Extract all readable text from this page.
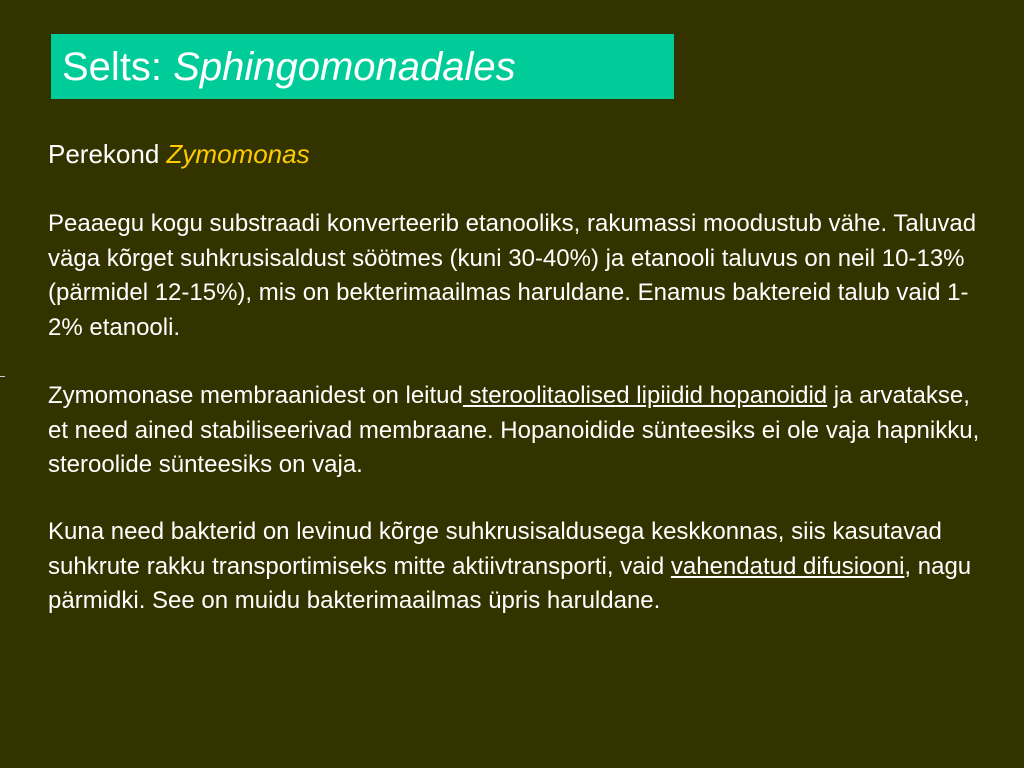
Selts: Sphingomonadales
Perekond Zymomonas

Peaaegu kogu substraadi konverteerib etanooliks, rakumassi moodustub vähe. Taluvad väga kõrget suhkrusisaldust söötmes (kuni 30-40%) ja etanooli taluvus on neil 10-13% (pärmidel 12-15%), mis on bekterimaailmas haruldane. Enamus baktereid talub vaid 1-2% etanooli.

Zymomonase membraanidest on leitud steroolitaolised lipiidid hopanoidid ja arvatakse, et need ained stabiliseerivad membraane. Hopanoidide sünteesiks ei ole vaja hapnikku, steroolide sünteesiks on vaja.

Kuna need bakterid on levinud kõrge suhkrusisaldusega keskkonnas, siis kasutavad suhkrute rakku transportimiseks mitte aktiivtransporti, vaid vahendatud difusiooni, nagu pärmidki. See on muidu bakterimaailmas üpris haruldane.
